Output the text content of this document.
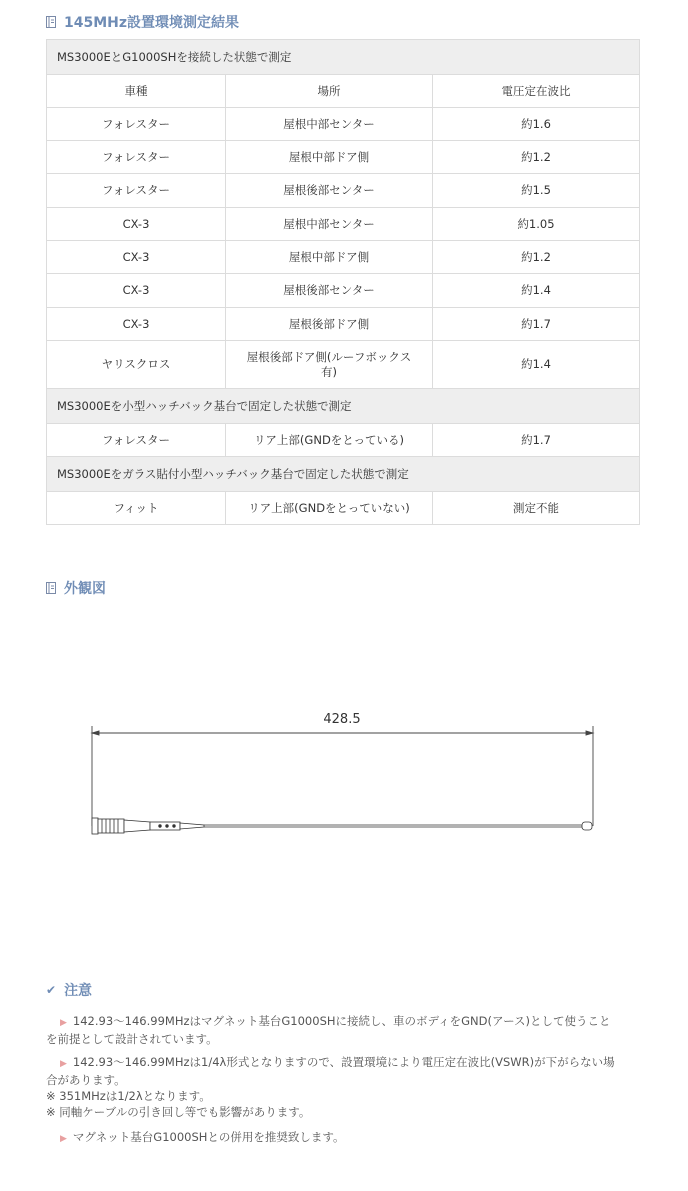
145MHz設置環境測定結果
MS3000EとG1000SHを接続した状態で測定		
車種	場所	電圧定在波比
フォレスター	屋根中部センター	約1.6
フォレスター	屋根中部ドア側	約1.2
フォレスター	屋根後部センター	約1.5
CX-3	屋根中部センター	約1.05
CX-3	屋根中部ドア側	約1.2
CX-3	屋根後部センター	約1.4
CX-3	屋根後部ドア側	約1.7
ヤリスクロス	屋根後部ドア側(ルーフボックス有)	約1.4
MS3000Eを小型ハッチバック基台で固定した状態で測定		
フォレスター	リア上部(GNDをとっている)	約1.7
MS3000Eをガラス貼付小型ハッチバック基台で固定した状態で測定		
フィット	リア上部(GNDをとっていない)	測定不能
外観図
428.5
✔ 注意
▶ 142.93～146.99MHzはマグネット基台G1000SHに接続し、車のボディをGND(アース)として使うこと
を前提として設計されています。
▶ 142.93～146.99MHzは1/4λ形式となりますので、設置環境により電圧定在波比(VSWR)が下がらない場
合があります。
※ 351MHzは1/2λとなります。
※ 同軸ケーブルの引き回し等でも影響があります。
▶ マグネット基台G1000SHとの併用を推奨致します。
